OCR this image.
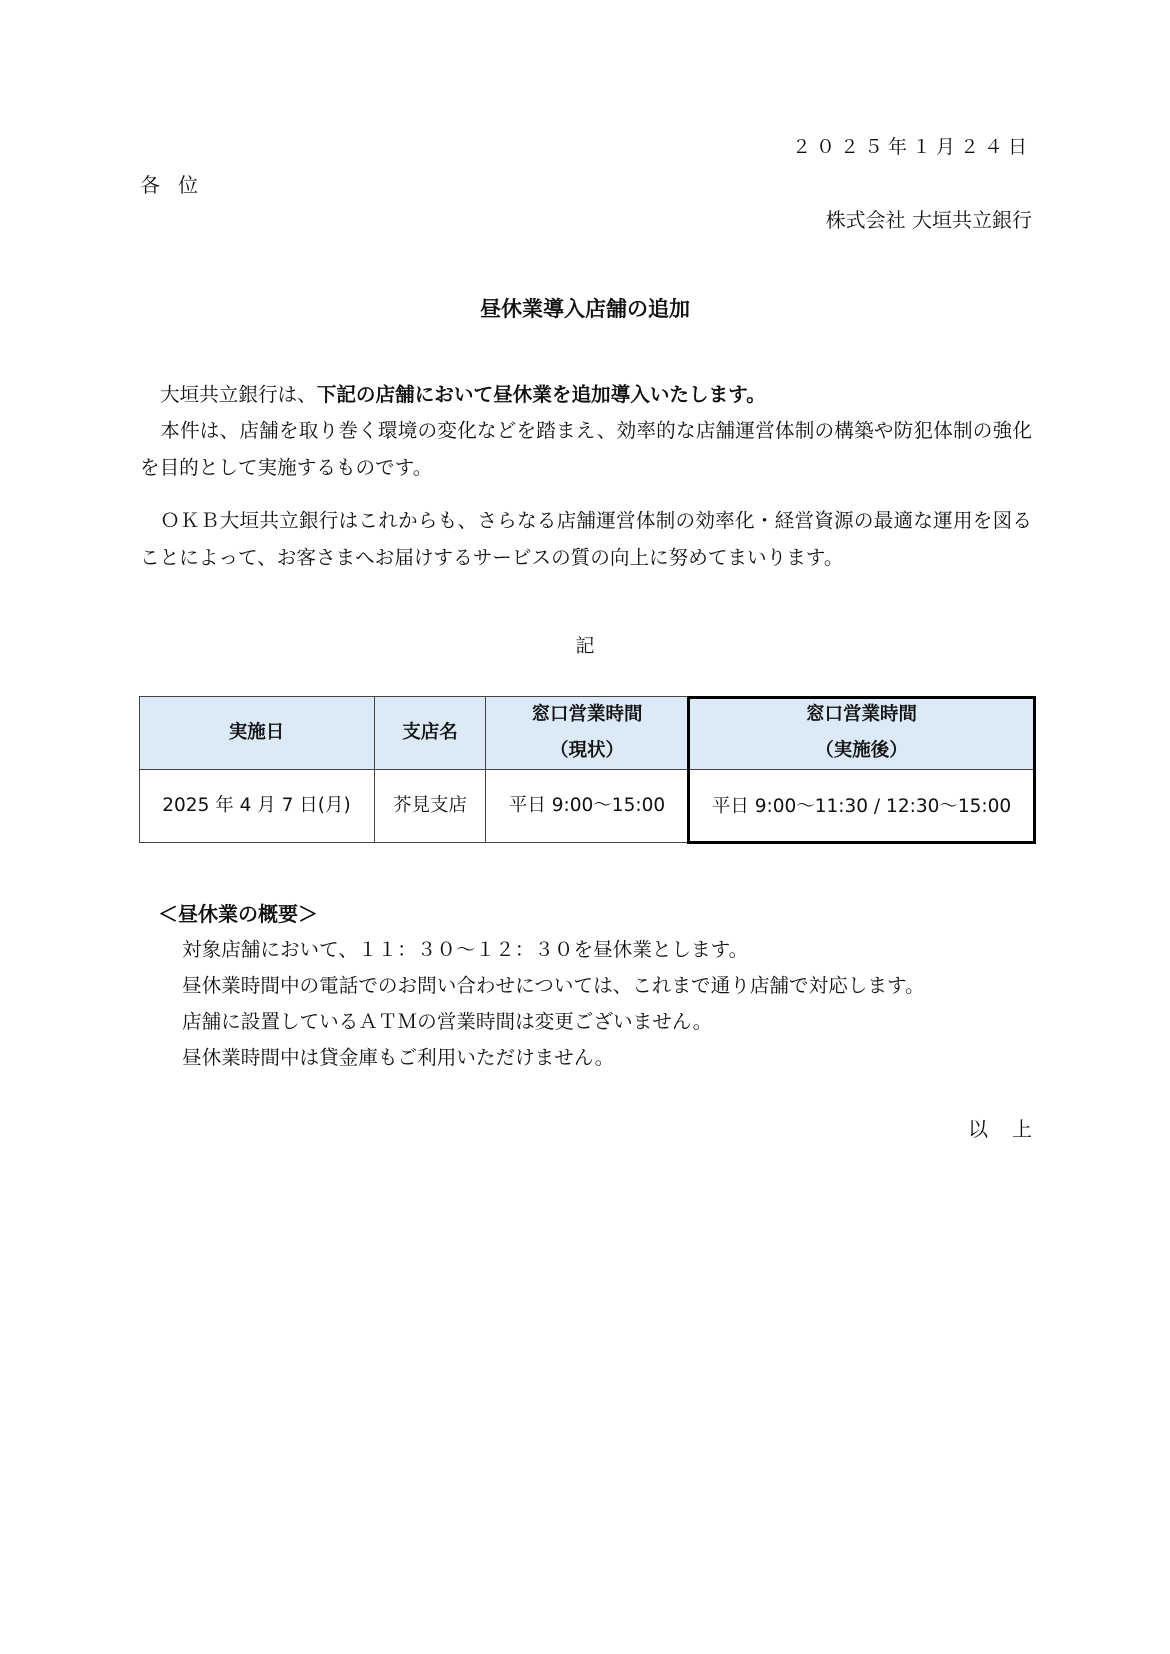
２０２５年１月２４日
各位
株式会社 大垣共立銀行
昼休業導入店舗の追加
大垣共立銀行は、下記の店舗において昼休業を追加導入いたします。
本件は、店舗を取り巻く環境の変化などを踏まえ、効率的な店舗運営体制の構築や防犯体制の強化を目的として実施するものです。
ＯＫＢ大垣共立銀行はこれからも、さらなる店舗運営体制の効率化・経営資源の最適な運用を図ることによって、お客さまへお届けするサービスの質の向上に努めてまいります。
記
実施日	支店名
窓口営業時間
（現状）
窓口営業時間
（実施後）
2025 年 4 月 7 日(月) 芥見支店 平日 9:00～15:00	平日 9:00～11:30 / 12:30～15:00
＜昼休業の概要＞
対象店舗において、１１：３０～１２：３０を昼休業とします。
昼休業時間中の電話でのお問い合わせについては、これまで通り店舗で対応します。
店舗に設置しているＡＴＭの営業時間は変更ございません。
昼休業時間中は貸金庫もご利用いただけません。
以上
